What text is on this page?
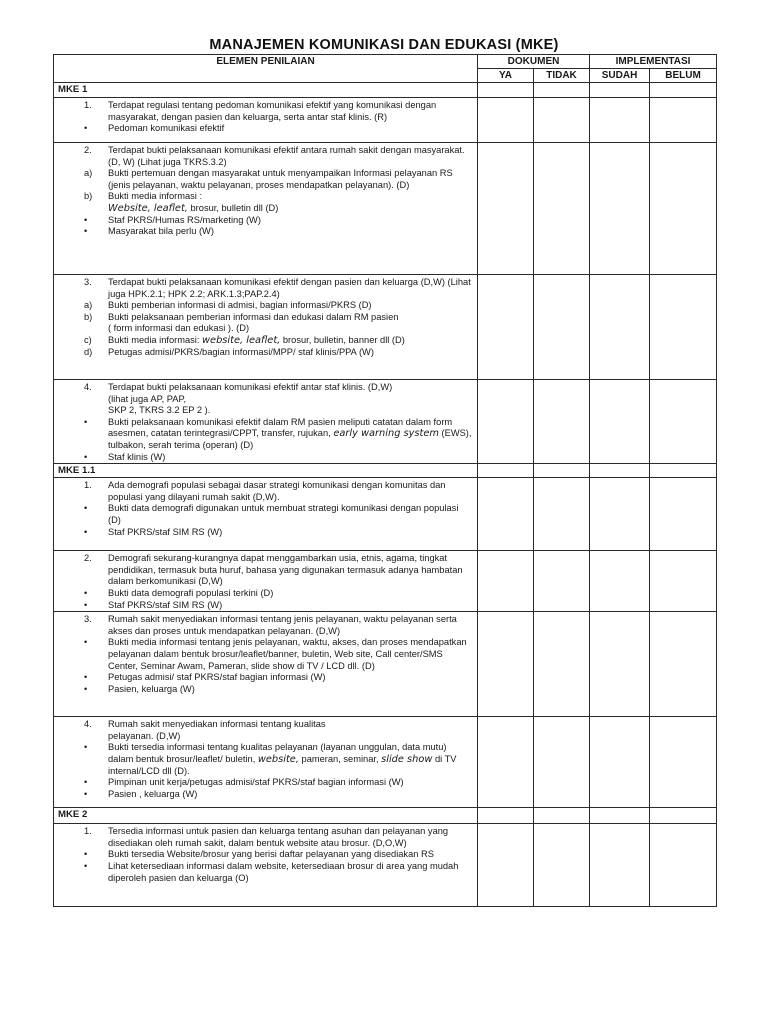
MANAJEMEN KOMUNIKASI DAN EDUKASI (MKE)
ELEMEN PENILAIAN	DOKUMEN		IMPLEMENTASI	
	YA	TIDAK	SUDAH	BELUM
MKE 1				

1. Terdapat regulasi tentang pedoman komunikasi efektif yang komunikasi dengan masyarakat, dengan pasien dan keluarga, serta antar staf klinis. (R)
• Pedoman komunikasi efektif				

2.	Terdapat bukti pelaksanaan komunikasi efektif antara rumah sakit dengan masyarakat. (D, W) (Lihat juga TKRS.3.2)
a)	Bukti pertemuan dengan masyarakat untuk menyampaikan Informasi pelayanan RS (jenis pelayanan, waktu pelayanan, proses mendapatkan pelayanan). (D)
b)	Bukti media informasi :
Website, leaflet, brosur, bulletin dll (D)
•	Staf PKRS/Humas RS/marketing (W)
•	Masyarakat bila perlu (W)

3.	Terdapat bukti pelaksanaan komunikasi efektif dengan pasien dan keluarga (D,W) (Lihat juga HPK.2.1; HPK 2.2; ARK.1.3;PAP.2.4)
a)	Bukti pemberian informasi di admisi, bagian informasi/PKRS (D)
b)	Bukti pelaksanaan pemberian informasi dan edukasi dalam RM pasien
( form informasi dan edukasi ). (D)
c)	Bukti media informasi: website, leaflet, brosur, bulletin, banner dll (D)
d)	Petugas admisi/PKRS/bagian informasi/MPP/ staf klinis/PPA (W)

4.	Terdapat bukti pelaksanaan komunikasi efektif antar staf klinis. (D,W)
(lihat juga AP, PAP,
SKP 2, TKRS 3.2 EP 2 ).
•	Bukti pelaksanaan komunikasi efektif dalam RM pasien meliputi catatan dalam form asesmen, catatan terintegrasi/CPPT, transfer, rujukan, early warning system (EWS), tulbakon, serah terima (operan) (D)
•	Staf klinis (W)

MKE 1.1				

1.	Ada demografi populasi sebagai dasar strategi komunikasi dengan komunitas dan populasi yang dilayani rumah sakit (D,W).
•	Bukti data demografi digunakan untuk membuat strategi komunikasi dengan populasi (D)
•	Staf PKRS/staf SIM RS (W)

2.	Demografi sekurang-kurangnya dapat menggambarkan usia, etnis, agama, tingkat pendidikan, termasuk buta huruf, bahasa yang digunakan termasuk adanya hambatan dalam berkomunikasi (D,W)
•	Bukti data demografi populasi terkini (D)
•	Staf PKRS/staf SIM RS (W)

3.	Rumah sakit menyediakan informasi tentang jenis pelayanan, waktu pelayanan serta akses dan proses untuk mendapatkan pelayanan. (D,W)
•	Bukti media informasi tentang jenis pelayanan, waktu, akses, dan proses mendapatkan pelayanan dalam bentuk brosur/leaflet/banner, buletin, Web site, Call center/SMS Center, Seminar Awam, Pameran, slide show di TV / LCD dll. (D)
•	Petugas admisi/ staf PKRS/staf bagian informasi (W)
•	Pasien, keluarga (W)

4.	Rumah sakit menyediakan informasi tentang kualitas
pelayanan. (D,W)
•	Bukti tersedia informasi tentang kualitas pelayanan (layanan unggulan, data mutu) dalam bentuk brosur/leaflet/ buletin, website, pameran, seminar, slide show di TV internal/LCD dll (D).
•	Pimpinan unit kerja/petugas admisi/staf PKRS/staf bagian informasi (W)
•	Pasien , keluarga (W)

MKE 2				

1.	Tersedia informasi untuk pasien dan keluarga tentang asuhan dan pelayanan yang disediakan oleh rumah sakit, dalam bentuk website atau brosur. (D,O,W)
•	Bukti tersedia Website/brosur yang berisi daftar pelayanan yang disediakan RS
•	Lihat ketersediaan informasi dalam website, ketersediaan brosur di area yang mudah diperoleh pasien dan keluarga (O)
